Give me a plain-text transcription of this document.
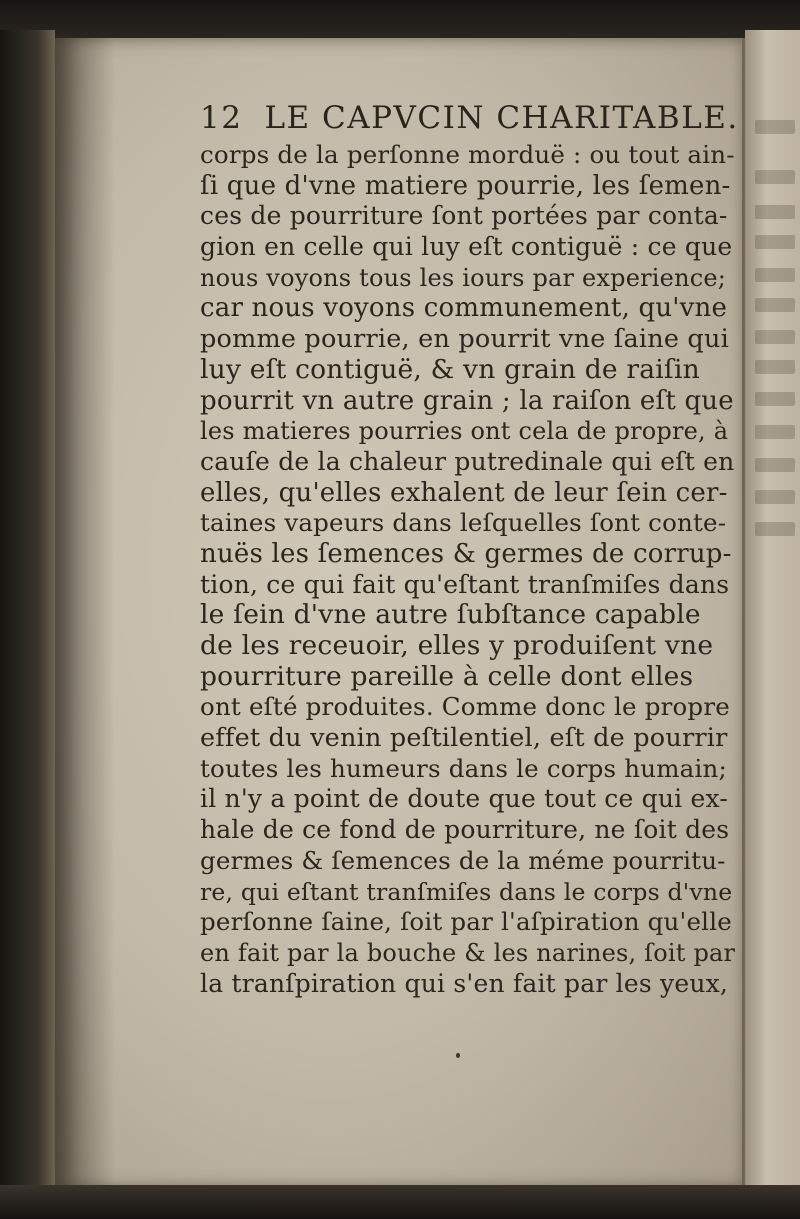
12 LE CAPVCIN CHARITABLE.
corps de la perſonne morduë : ou tout ain-
ſi que d'vne matiere pourrie, les ſemen-
ces de pourriture ſont portées par conta-
gion en celle qui luy eſt contiguë : ce que
nous voyons tous les iours par experience;
car nous voyons communement, qu'vne
pomme pourrie, en pourrit vne ſaine qui
luy eſt contiguë, & vn grain de raiſin
pourrit vn autre grain ; la raiſon eſt que
les matieres pourries ont cela de propre, à
cauſe de la chaleur putredinale qui eſt en
elles, qu'elles exhalent de leur ſein cer-
taines vapeurs dans leſquelles ſont conte-
nuës les ſemences & germes de corrup-
tion, ce qui fait qu'eſtant tranſmiſes dans
le ſein d'vne autre ſubſtance capable
de les receuoir, elles y produiſent vne
pourriture pareille à celle dont elles
ont eſté produites. Comme donc le propre
effet du venin peſtilentiel, eſt de pourrir
toutes les humeurs dans le corps humain;
il n'y a point de doute que tout ce qui ex-
hale de ce fond de pourriture, ne ſoit des
germes & ſemences de la méme pourritu-
re, qui eſtant tranſmiſes dans le corps d'vne
perſonne ſaine, ſoit par l'aſpiration qu'elle
en fait par la bouche & les narines, ſoit par
la tranſpiration qui s'en fait par les yeux,
